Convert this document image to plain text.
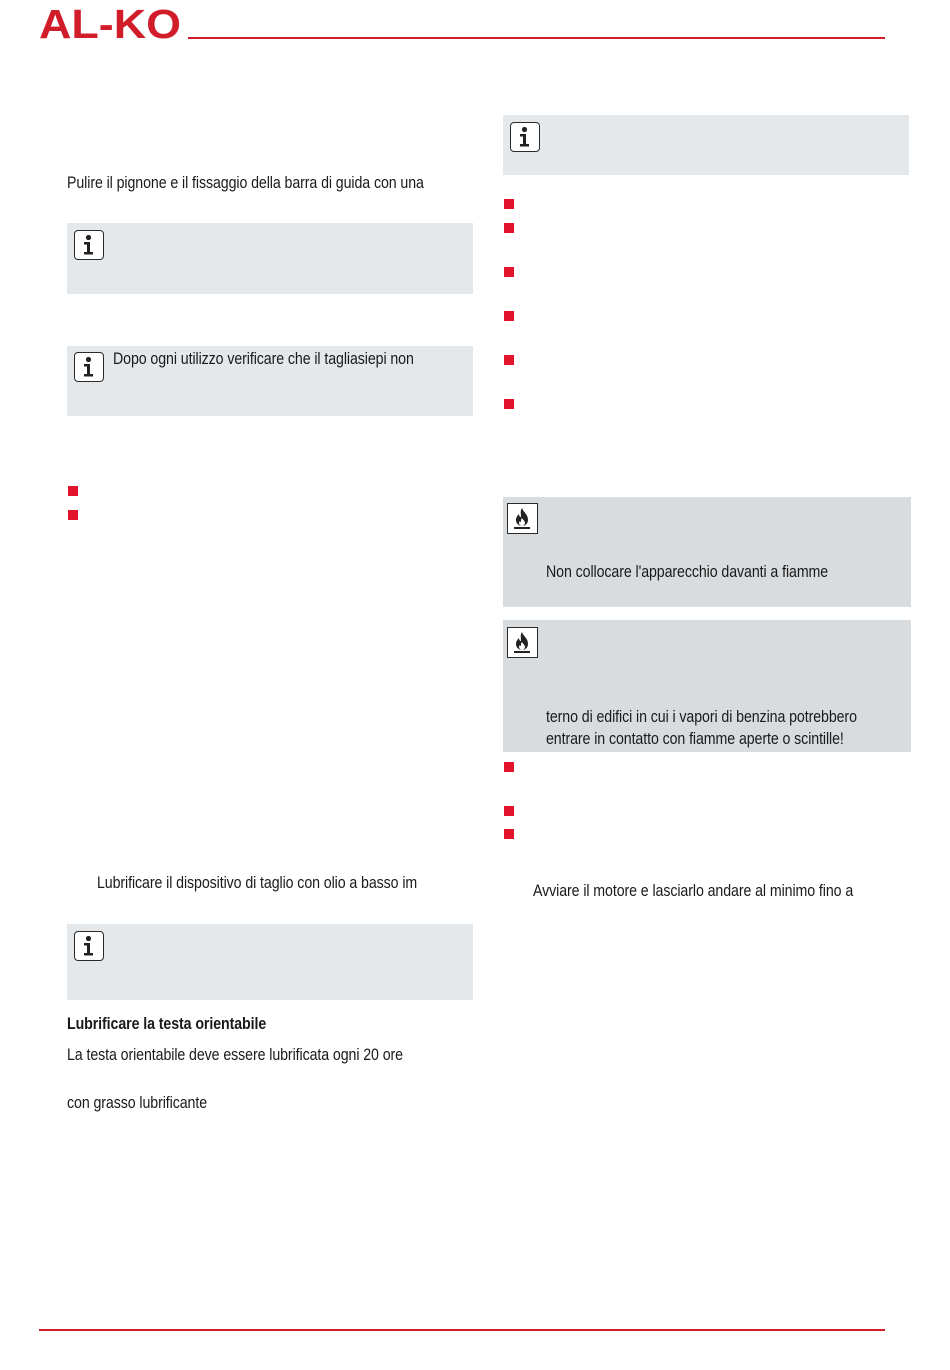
AL-KO
Pulire il pignone e il fissaggio della barra di guida con una
Dopo ogni utilizzo verificare che il tagliasiepi non
Lubrificare il dispositivo di taglio con olio a basso im
Lubrificare la testa orientabile
La testa orientabile deve essere lubrificata ogni 20 ore
con grasso lubrificante
Non collocare l'apparecchio davanti a fiamme
terno di edifici in cui i vapori di benzina potrebbero
entrare in contatto con fiamme aperte o scintille!
Avviare il motore e lasciarlo andare al minimo fino a
